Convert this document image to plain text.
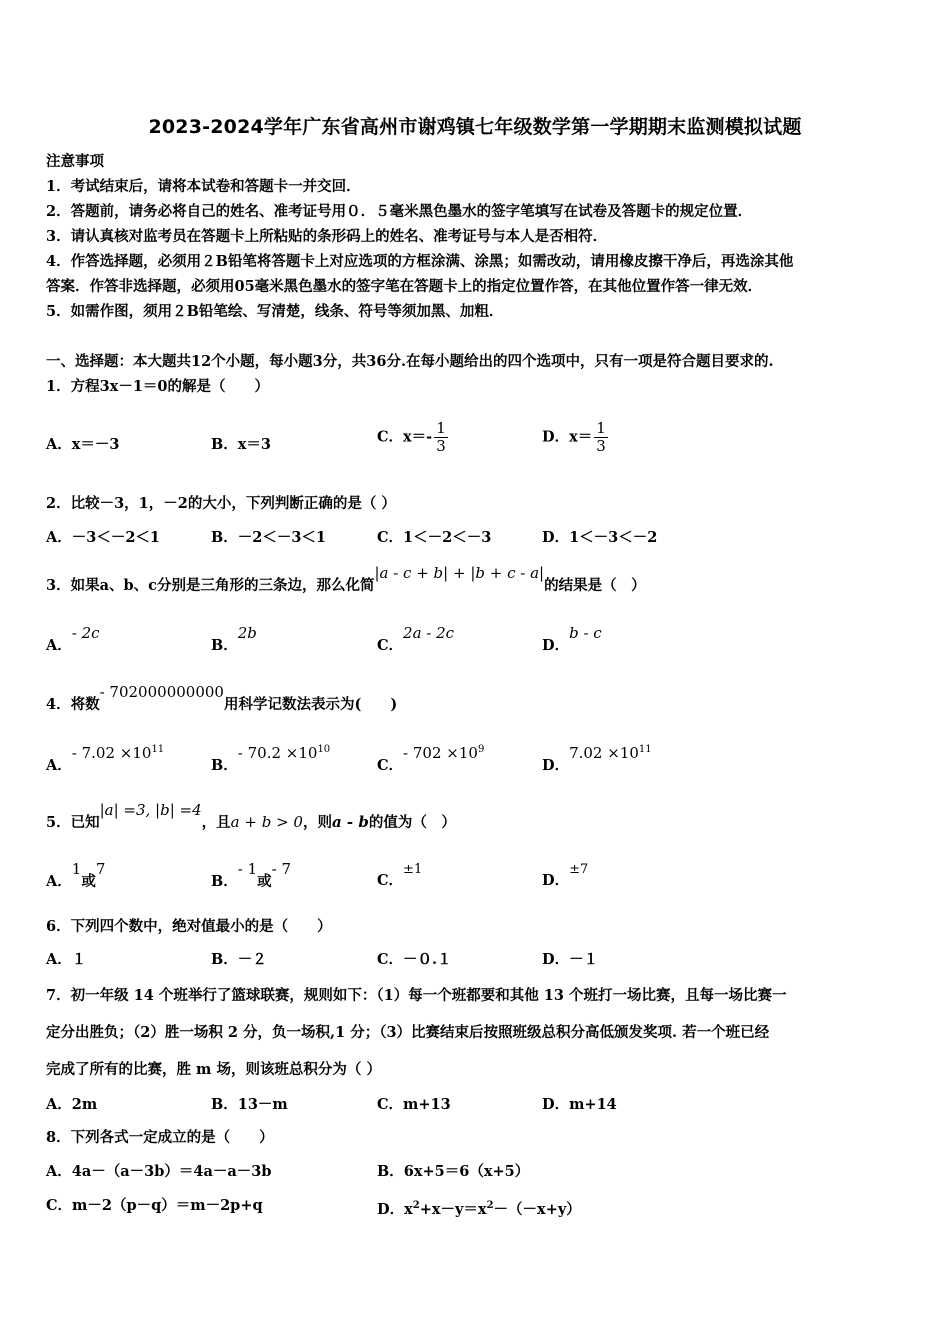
2023-2024学年广东省高州市谢鸡镇七年级数学第一学期期末监测模拟试题
注意事项
1．考试结束后，请将本试卷和答题卡一并交回．
2．答题前，请务必将自己的姓名、准考证号用０．５毫米黑色墨水的签字笔填写在试卷及答题卡的规定位置．
3．请认真核对监考员在答题卡上所粘贴的条形码上的姓名、准考证号与本人是否相符．
4．作答选择题，必须用２B铅笔将答题卡上对应选项的方框涂满、涂黑；如需改动，请用橡皮擦干净后，再选涂其他
答案．作答非选择题，必须用05毫米黑色墨水的签字笔在答题卡上的指定位置作答，在其他位置作答一律无效．
5．如需作图，须用２B铅笔绘、写清楚，线条、符号等须加黑、加粗．
一、选择题：本大题共12个小题，每小题3分，共36分.在每小题给出的四个选项中，只有一项是符合题目要求的.
1．方程3x－1＝0的解是（　　）
A．x＝－3	B．x＝3	C．$x=- \frac{1}{3}$	D．$x= \frac{1}{3}$
2．比较－3，1，－2的大小，下列判断正确的是（ ）
A．－3＜－2＜1	B．－2＜－3＜1	C．1＜－2＜－3	D．1＜－3＜－2
3．如果a、b、c分别是三角形的三条边，那么化简|a - c + b| + |b + c - a|的结果是（　）
A．- 2c
B．2b
C．2a - 2c
D．b - c
4．将数- 702000000000用科学记数法表示为(　　)
A．- $7.02 \times 10^{11}$
B．- $70.2 \times 10^{10}$
C．- $702 \times 10^9$
D．$7.02 \times 10^{11}$
5．已知|a| =3, |b| =4，且a + b > 0，则a - b的值为（　）
A．1或7
B．- 1或- 7
C．±1
D．±7
6．下列四个数中，绝对值最小的是（　　）
A．１	B．－２	C．－０.１	D．－１
7．初一年级 14 个班举行了篮球联赛，规则如下：（1）每一个班都要和其他 13 个班打一场比赛，且每一场比赛一
定分出胜负；（2）胜一场积 2 分，负一场积,1 分；（3）比赛结束后按照班级总积分高低颁发奖项. 若一个班已经
完成了所有的比赛，胜 m 场，则该班总积分为（ ）
A．2m	B．13－m	C．m+13	D．m+14
8．下列各式一定成立的是（　　）
A．4a－（a－3b）＝4a－a－3b	B．6x+5＝6（x+5）
C．m－2（p－q）＝m－2p+q	D．$x^2+x-y=x^2-(-x+y)$
